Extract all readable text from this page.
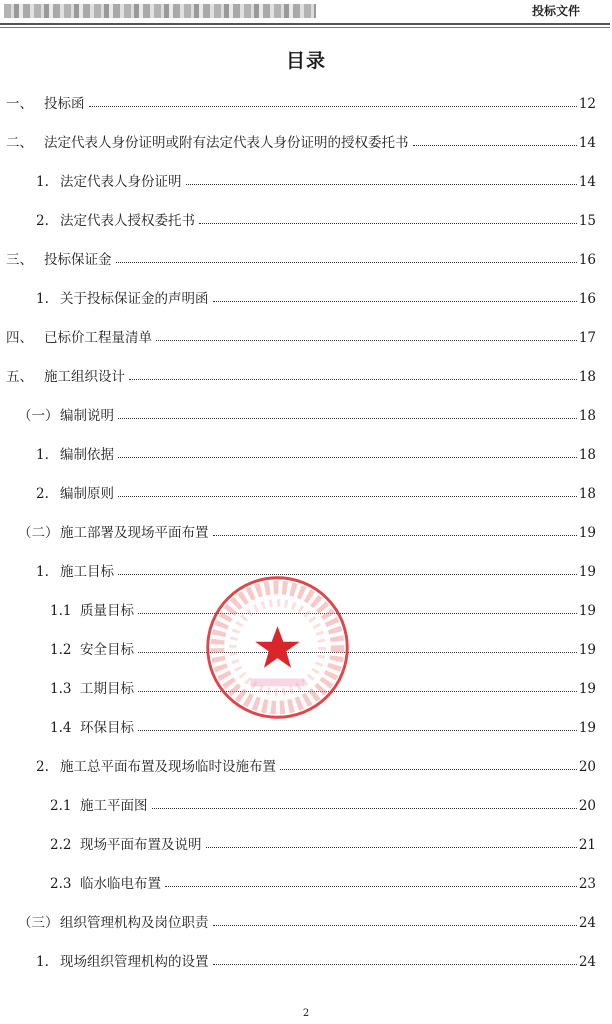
投标文件
目录
一、 投标函	12
二、 法定代表人身份证明或附有法定代表人身份证明的授权委托书	14
1. 法定代表人身份证明	14
2. 法定代表人授权委托书	15
三、 投标保证金	16
1. 关于投标保证金的声明函	16
四、 已标价工程量清单	17
五、 施工组织设计	18
（一） 编制说明	18
1. 编制依据	18
2. 编制原则	18
（二） 施工部署及现场平面布置	19
1. 施工目标	19
1.1 质量目标	19
1.2 安全目标	19
1.3 工期目标	19
1.4 环保目标	19
2. 施工总平面布置及现场临时设施布置	20
2.1 施工平面图	20
2.2 现场平面布置及说明	21
2.3 临水临电布置	23
（三） 组织管理机构及岗位职责	24
1. 现场组织管理机构的设置	24
2
